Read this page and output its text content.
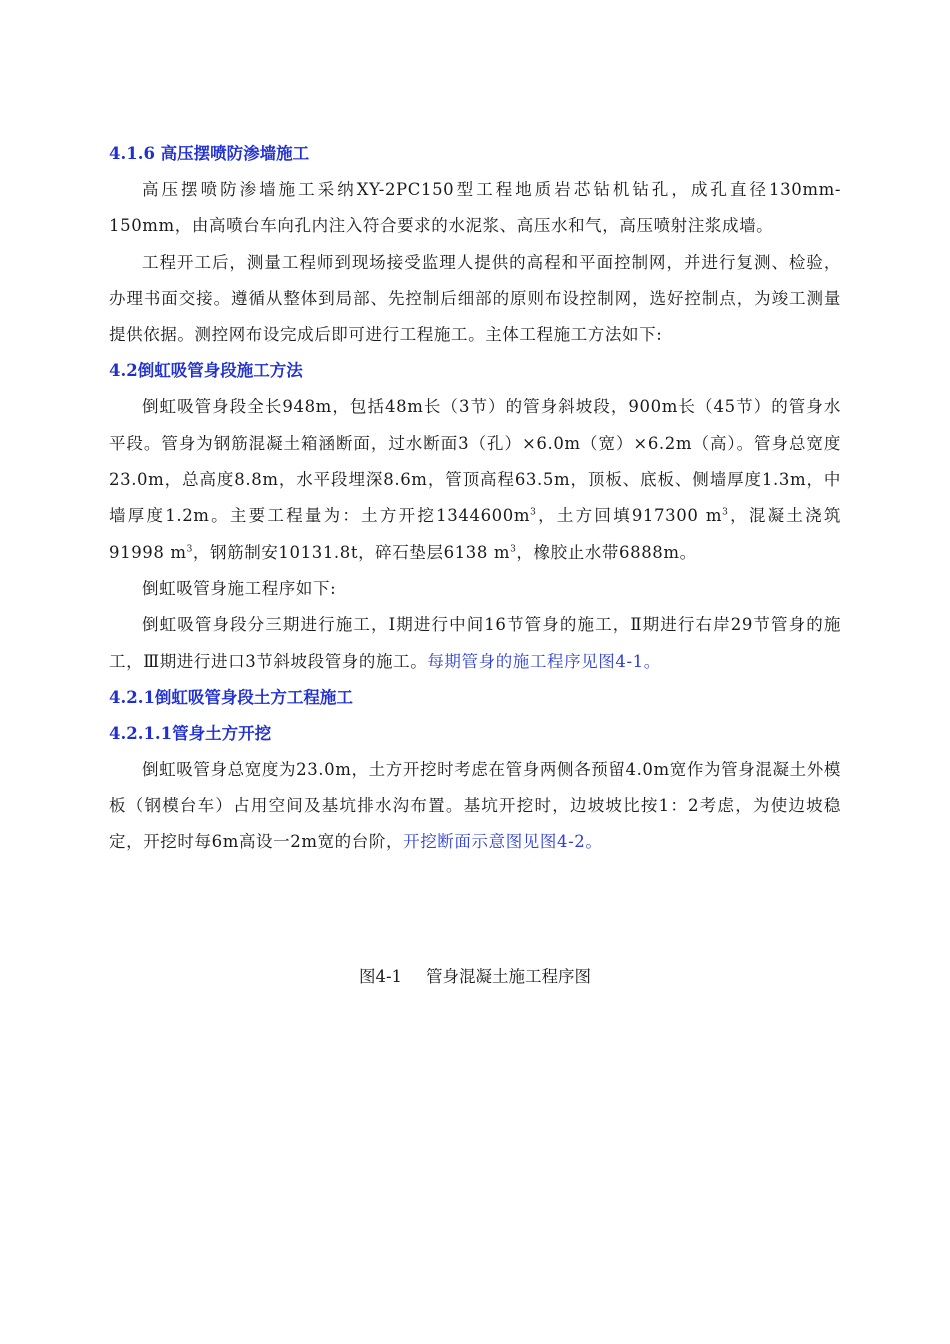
4.1.6 高压摆喷防渗墙施工
高压摆喷防渗墙施工采纳XY-2PC150型工程地质岩芯钻机钻孔，成孔直径130mm-150mm，由高喷台车向孔内注入符合要求的水泥浆、高压水和气，高压喷射注浆成墙。
工程开工后，测量工程师到现场接受监理人提供的高程和平面控制网，并进行复测、检验，办理书面交接。遵循从整体到局部、先控制后细部的原则布设控制网，选好控制点，为竣工测量提供依据。测控网布设完成后即可进行工程施工。主体工程施工方法如下:
4.2倒虹吸管身段施工方法
倒虹吸管身段全长948m，包括48m长（3节）的管身斜坡段，900m长（45节）的管身水平段。管身为钢筋混凝土箱涵断面，过水断面3（孔）×6.0m（宽）×6.2m（高）。管身总宽度23.0m，总高度8.8m，水平段埋深8.6m，管顶高程63.5m，顶板、底板、侧墙厚度1.3m，中墙厚度1.2m。主要工程量为：土方开挖$1344600m^3$，土方回填917300 $m^3$，混凝土浇筑91998 $m^3$，钢筋制安10131.8t，碎石垫层6138 $m^3$，橡胶止水带6888m。
倒虹吸管身施工程序如下:
倒虹吸管身段分三期进行施工，Ⅰ期进行中间16节管身的施工，Ⅱ期进行右岸29节管身的施工，Ⅲ期进行进口3节斜坡段管身的施工。每期管身的施工程序见图4-1。
4.2.1倒虹吸管身段土方工程施工
4.2.1.1管身土方开挖
倒虹吸管身总宽度为23.0m，土方开挖时考虑在管身两侧各预留4.0m宽作为管身混凝土外模板（钢模台车）占用空间及基坑排水沟布置。基坑开挖时，边坡坡比按1：2考虑，为使边坡稳定，开挖时每6m高设一2m宽的台阶，开挖断面示意图见图4-2。
图4-1 管身混凝土施工程序图
